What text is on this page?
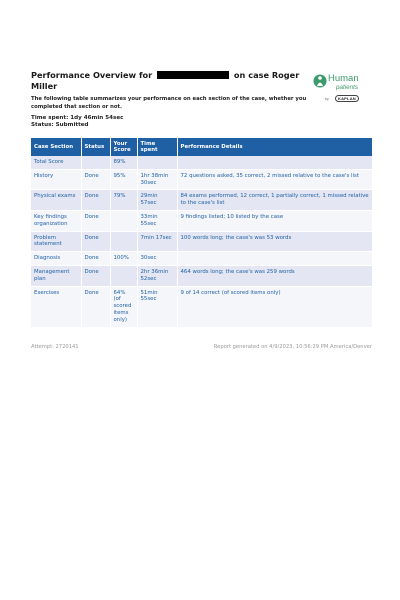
Performance Overview for	on case Roger Miller
Human
patients
by	KAPLAN
The following table summarizes your performance on each section of the case, whether you completed that section or not.
Time spent: 1dy 46min 54sec
Status: Submitted
Case Section	Status	Your Score	Time spent	Performance Details
Total Score		89%		
History	Done	95%	1hr 38min 30sec	72 questions asked, 35 correct, 2 missed relative to the case's list
Physical exams	Done	79%	29min 57sec	84 exams performed, 12 correct, 1 partially correct, 1 missed relative to the case's list
Key findings organization	Done		33min 55sec	9 findings listed; 10 listed by the case
Problem statement	Done		7min 17sec	100 words long; the case's was 53 words
Diagnosis	Done	100%	30sec	
Management plan	Done		2hr 36min 52sec	464 words long; the case's was 259 words
Exercises	Done	64% (of scored items only)	51min 55sec	9 of 14 correct (of scored items only)
Attempt: 2720141	Report generated on 4/9/2023, 10:56:29 PM America/Denver
